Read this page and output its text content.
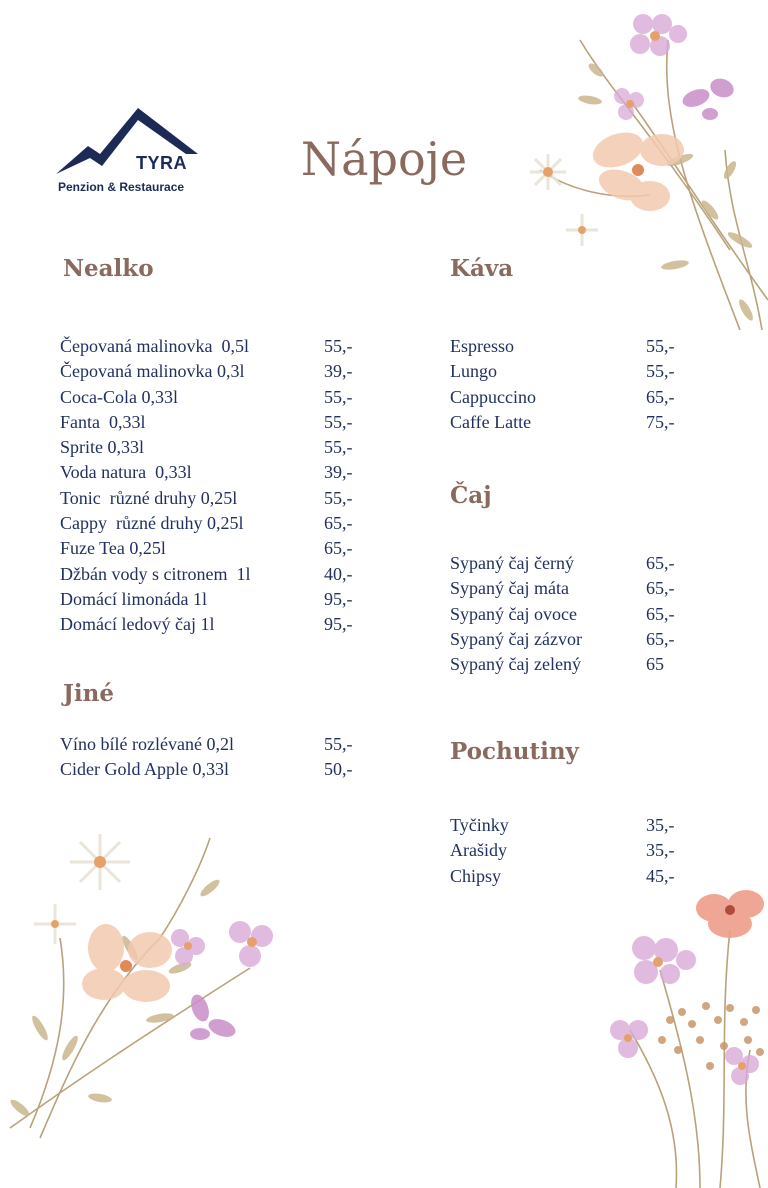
TYRA
Penzion & Restaurace
Nápoje
Nealko
Čepovaná malinovka  0,5l	55,-
Čepovaná malinovka 0,3l	39,-
Coca-Cola 0,33l	55,-
Fanta  0,33l	55,-
Sprite 0,33l	55,-
Voda natura  0,33l	39,-
Tonic  různé druhy 0,25l	55,-
Cappy  různé druhy 0,25l	65,-
Fuze Tea 0,25l	65,-
Džbán vody s citronem  1l	40,-
Domácí limonáda 1l	95,-
Domácí ledový čaj 1l	95,-
Jiné
Víno bílé rozlévané 0,2l	55,-
Cider Gold Apple 0,33l	50,-
Káva
Espresso	55,-
Lungo	55,-
Cappuccino	65,-
Caffe Latte	75,-
Čaj
Sypaný čaj černý	65,-
Sypaný čaj máta	65,-
Sypaný čaj ovoce	65,-
Sypaný čaj zázvor	65,-
Sypaný čaj zelený	65
Pochutiny
Tyčinky	35,-
Arašidy	35,-
Chipsy	45,-
